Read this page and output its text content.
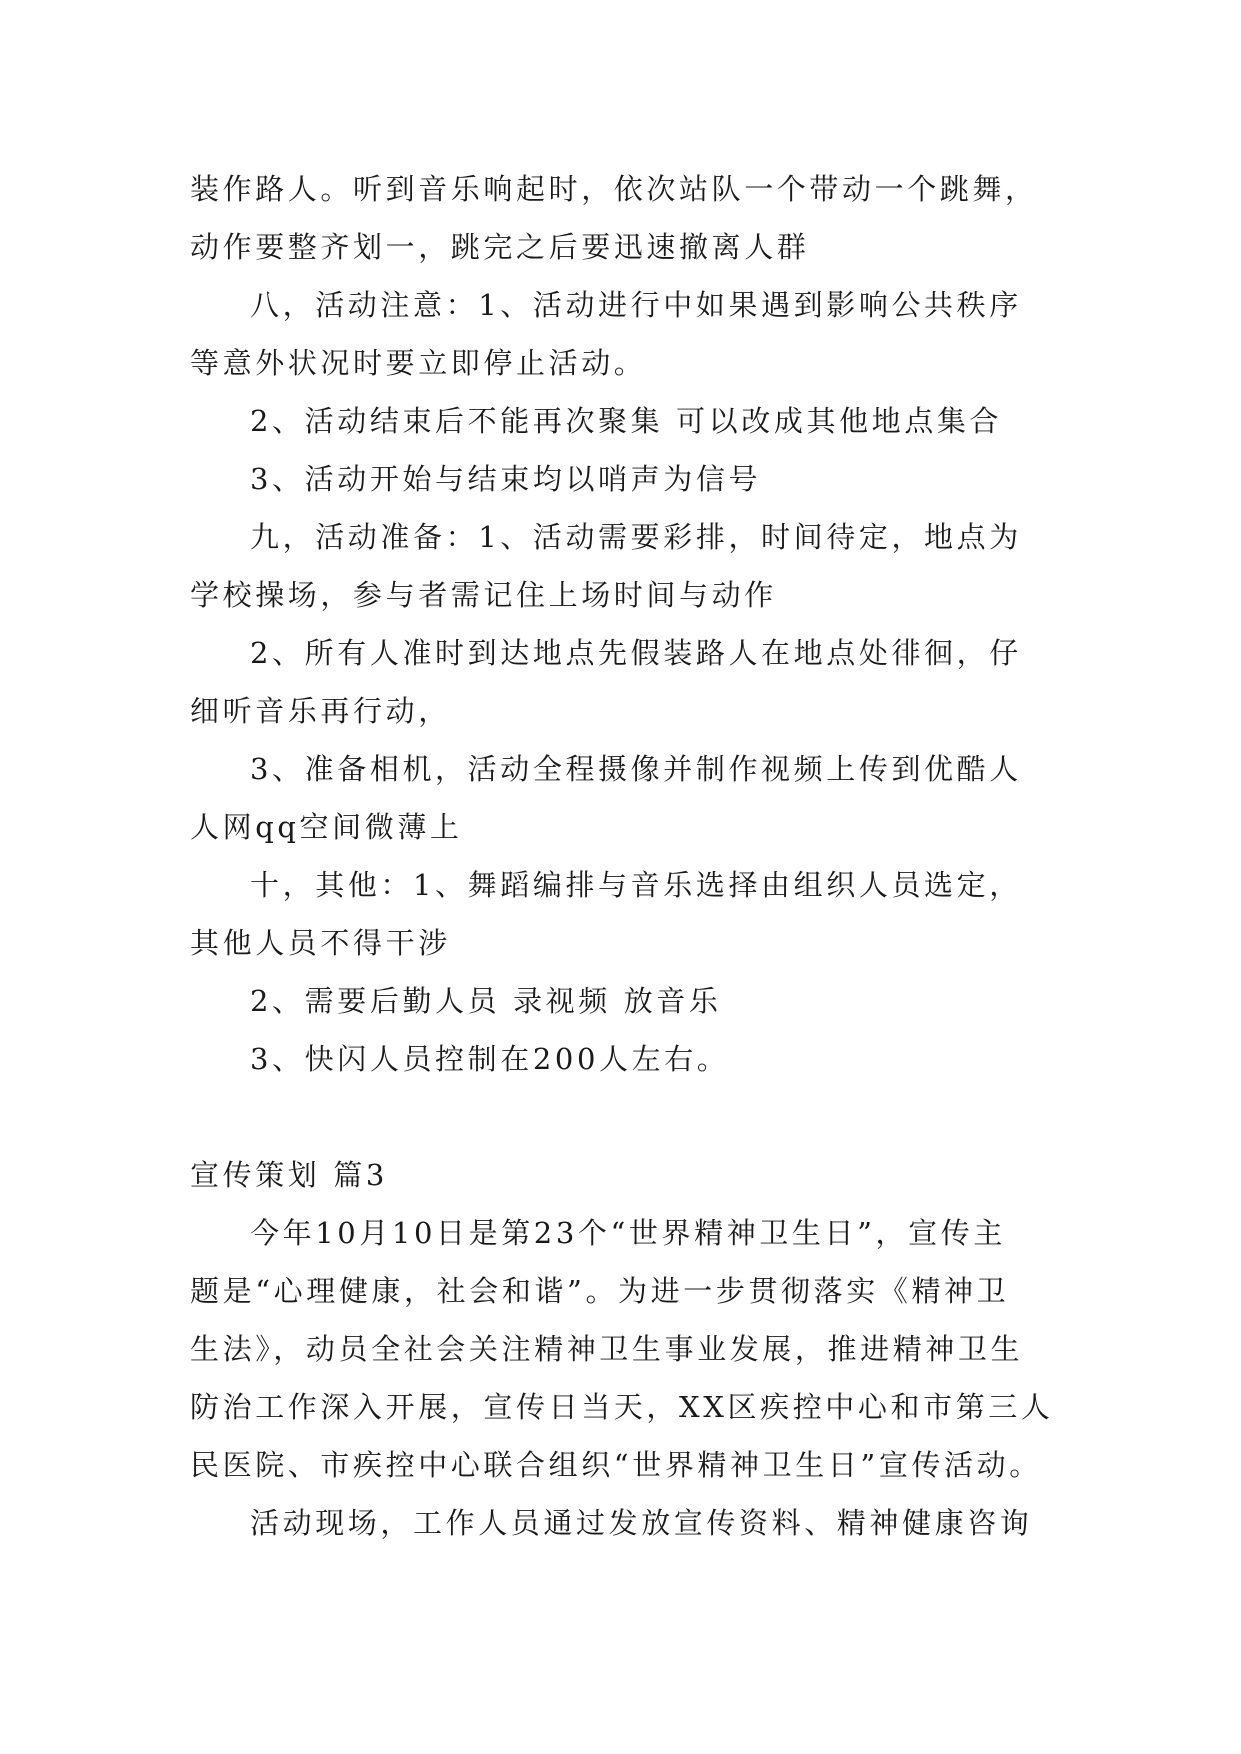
装作路人。听到音乐响起时，依次站队一个带动一个跳舞，
动作要整齐划一，跳完之后要迅速撤离人群
八，活动注意：1、活动进行中如果遇到影响公共秩序
等意外状况时要立即停止活动。
2、活动结束后不能再次聚集 可以改成其他地点集合
3、活动开始与结束均以哨声为信号
九，活动准备：1、活动需要彩排，时间待定，地点为
学校操场，参与者需记住上场时间与动作
2、所有人准时到达地点先假装路人在地点处徘徊，仔
细听音乐再行动，
3、准备相机，活动全程摄像并制作视频上传到优酷人
人网qq空间微薄上
十，其他：1、舞蹈编排与音乐选择由组织人员选定，
其他人员不得干涉
2、需要后勤人员 录视频 放音乐
3、快闪人员控制在200人左右。
宣传策划 篇3
今年10月10日是第23个“世界精神卫生日”，宣传主
题是“心理健康，社会和谐”。为进一步贯彻落实《精神卫
生法》，动员全社会关注精神卫生事业发展，推进精神卫生
防治工作深入开展，宣传日当天，XX区疾控中心和市第三人
民医院、市疾控中心联合组织“世界精神卫生日”宣传活动。
活动现场，工作人员通过发放宣传资料、精神健康咨询
